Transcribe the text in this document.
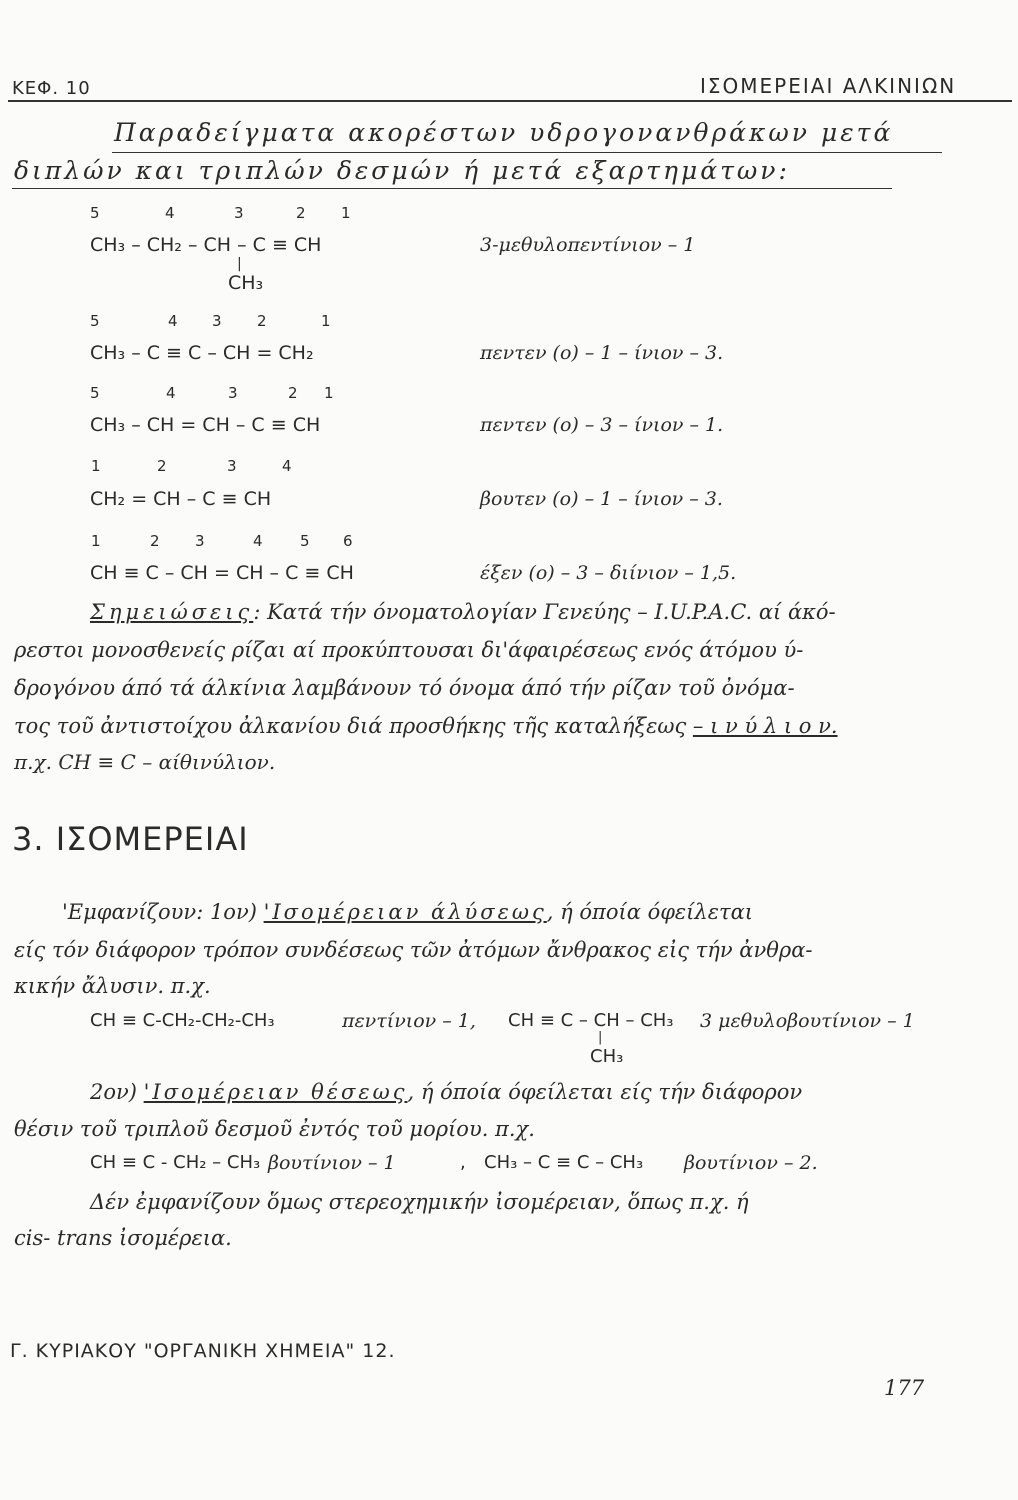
ΚΕΦ. 10	ΙΣΟΜΕΡΕΙΑΙ ΑΛΚΙΝΙΩΝ
Παραδείγματα ακορέστων υδρογονανθράκων μετά
διπλών και τριπλών δεσμών ή μετά εξαρτημάτων:
5	4	3	2 1
CH₃ – CH₂ – CH – C ≡ CH
|
CH₃
3-μεθυλοπεντίνιον – 1
5	4 3 2	1
CH₃ – C ≡ C – CH = CH₂	πεντεν (ο) – 1 – ίνιον – 3.
5	4	3	2 1
CH₃ – CH = CH – C ≡ CH	πεντεν (ο) – 3 – ίνιον – 1.
1	2	3	4
CH₂ = CH – C ≡ CH	βουτεν (ο) – 1 – ίνιον – 3.
1	2 3	4 5 6
CH ≡ C – CH = CH – C ≡ CH	έξεν (ο) – 3 – διίνιον – 1,5.
Σημειώσεις: Κατά τήν όνοματολογίαν Γενεύης – I.U.P.A.C. αί άκό-
ρεστοι μονοσθενείς ρίζαι αί προκύπτουσαι δι'άφαιρέσεως ενός άτόμου ύ-
δρογόνου άπό τά άλκίνια λαμβάνουν τό όνομα άπό τήν ρίζαν τοῦ ὀνόμα-
τος τοῦ ἀντιστοίχου ἀλκανίου διά προσθήκης τῆς καταλήξεως – ι ν ύ λ ι ο ν.
π.χ. CH ≡ C – αίθινύλιον.
3. ΙΣΟΜΕΡΕΙΑΙ
'Εμφανίζουν: 1ον) 'Ισομέρειαν άλύσεως, ή όποία όφείλεται
είς τόν διάφορον τρόπον συνδέσεως τῶν ἀτόμων ἄνθρακος εἰς τήν ἀνθρα-
κικήν ἄλυσιν. π.χ.
CH ≡ C-CH₂-CH₂-CH₃	πεντίνιον – 1, CH ≡ C – CH – CH₃
|
CH₃
3 μεθυλοβουτίνιον – 1
2ον) 'Ισομέρειαν θέσεως, ή όποία όφείλεται είς τήν διάφορον
θέσιν τοῦ τριπλοῦ δεσμοῦ ἐντός τοῦ μορίου. π.χ.
CH ≡ C - CH₂ – CH₃ βουτίνιον – 1	, CH₃ – C ≡ C – CH₃ βουτίνιον – 2.
Δέν ἐμφανίζουν ὅμως στερεοχημικήν ἰσομέρειαν, ὅπως π.χ. ή
cis- trans ἰσομέρεια.
Γ. ΚΥΡΙΑΚΟΥ "ΟΡΓΑΝΙΚΗ ΧΗΜΕΙΑ" 12.
177
